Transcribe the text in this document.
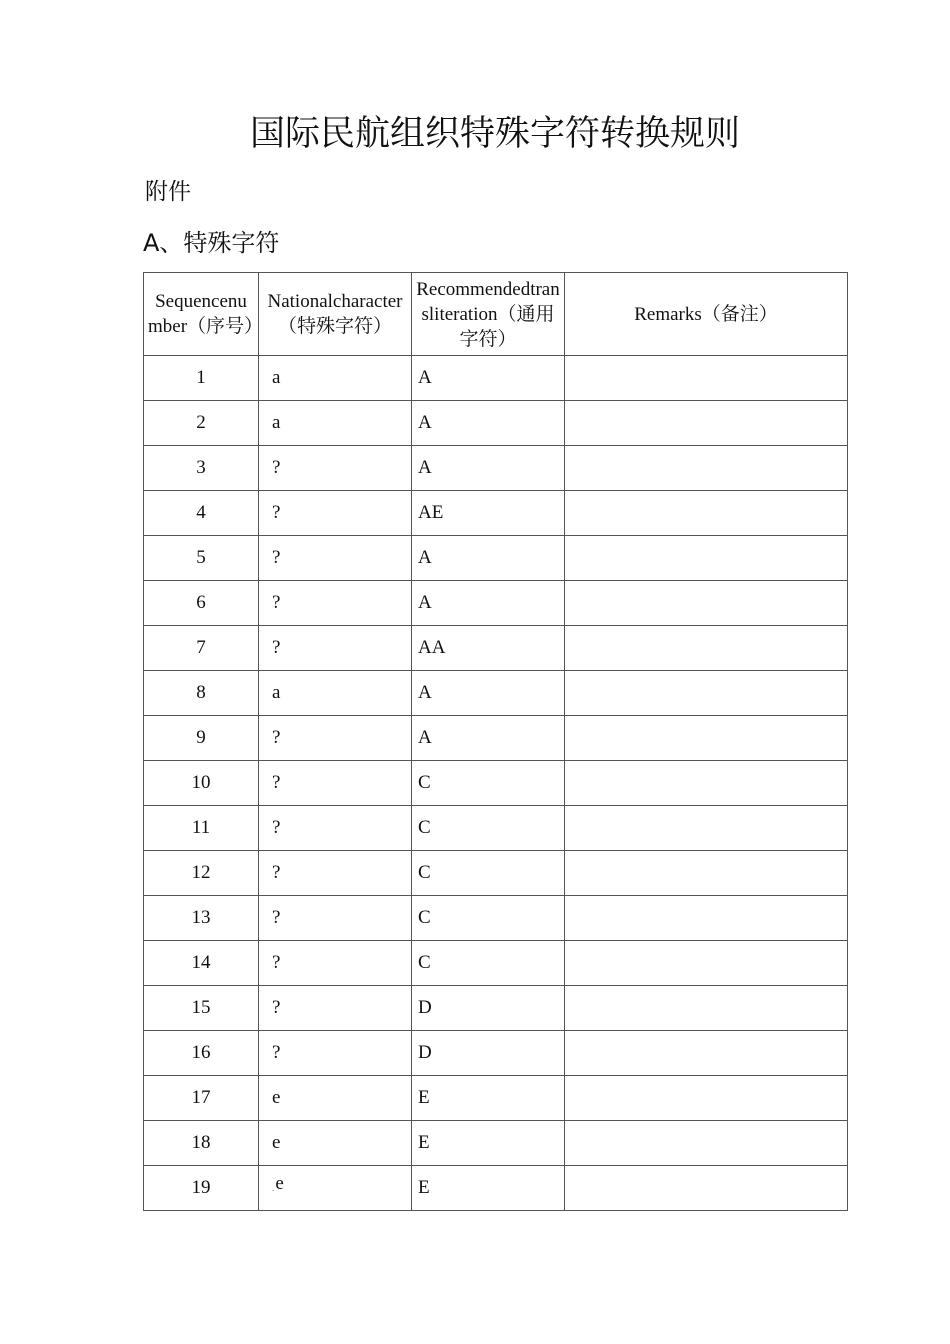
国际民航组织特殊字符转换规则
附件
A、特殊字符
Sequencenumber（序号）	Nationalcharacter（特殊字符）	Recommendedtransliteration（通用字符）	Remarks（备注）

1	a	A	
2	a	A	
3	?	A	
4	?	AE	
5	?	A	
6	?	A	
7	?	AA	
8	a	A	
9	?	A	
10	?	C	
11	?	C	
12	?	C	
13	?	C	
14	?	C	
15	?	D	
16	?	D	
17	e	E	
18	e	E	
19	ˊe	E	
